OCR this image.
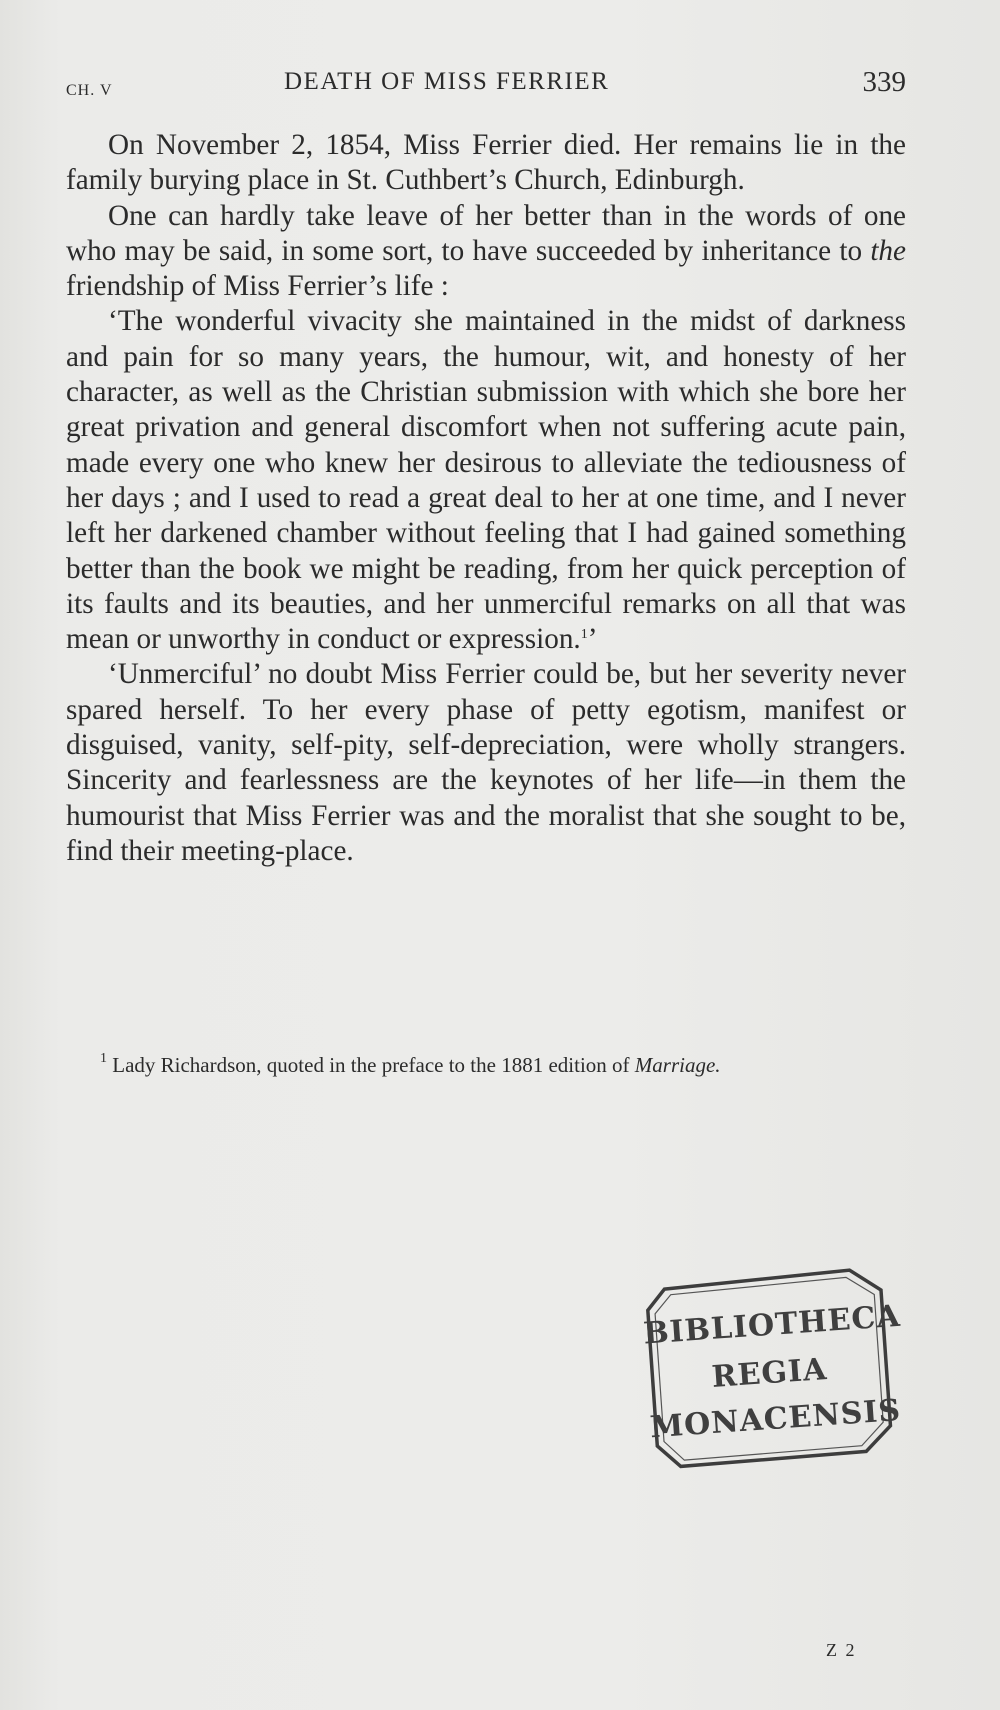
CH. V	DEATH OF MISS FERRIER	339

On November 2, 1854, Miss Ferrier died. Her remains lie in the family burying place in St. Cuthbert’s Church, Edinburgh.

One can hardly take leave of her better than in the words of one who may be said, in some sort, to have succeeded by inheritance to the friendship of Miss Ferrier’s life :

‘The wonderful vivacity she maintained in the midst of darkness and pain for so many years, the humour, wit, and honesty of her character, as well as the Christian submission with which she bore her great privation and general discomfort when not suffering acute pain, made every one who knew her desirous to alleviate the tediousness of her days ; and I used to read a great deal to her at one time, and I never left her darkened chamber without feeling that I had gained something better than the book we might be reading, from her quick perception of its faults and its beauties, and her unmerciful remarks on all that was mean or unworthy in conduct or expression.$^1$’

‘Unmerciful’ no doubt Miss Ferrier could be, but her severity never spared herself. To her every phase of petty egotism, manifest or disguised, vanity, self-pity, self-depreciation, were wholly strangers. Sincerity and fearlessness are the keynotes of her life—in them the humourist that Miss Ferrier was and the moralist that she sought to be, find their meeting-place.

$^1$ Lady Richardson, quoted in the preface to the 1881 edition of Marriage.
BIBLIOTHECA
REGIA
MONACENSIS
Z 2
